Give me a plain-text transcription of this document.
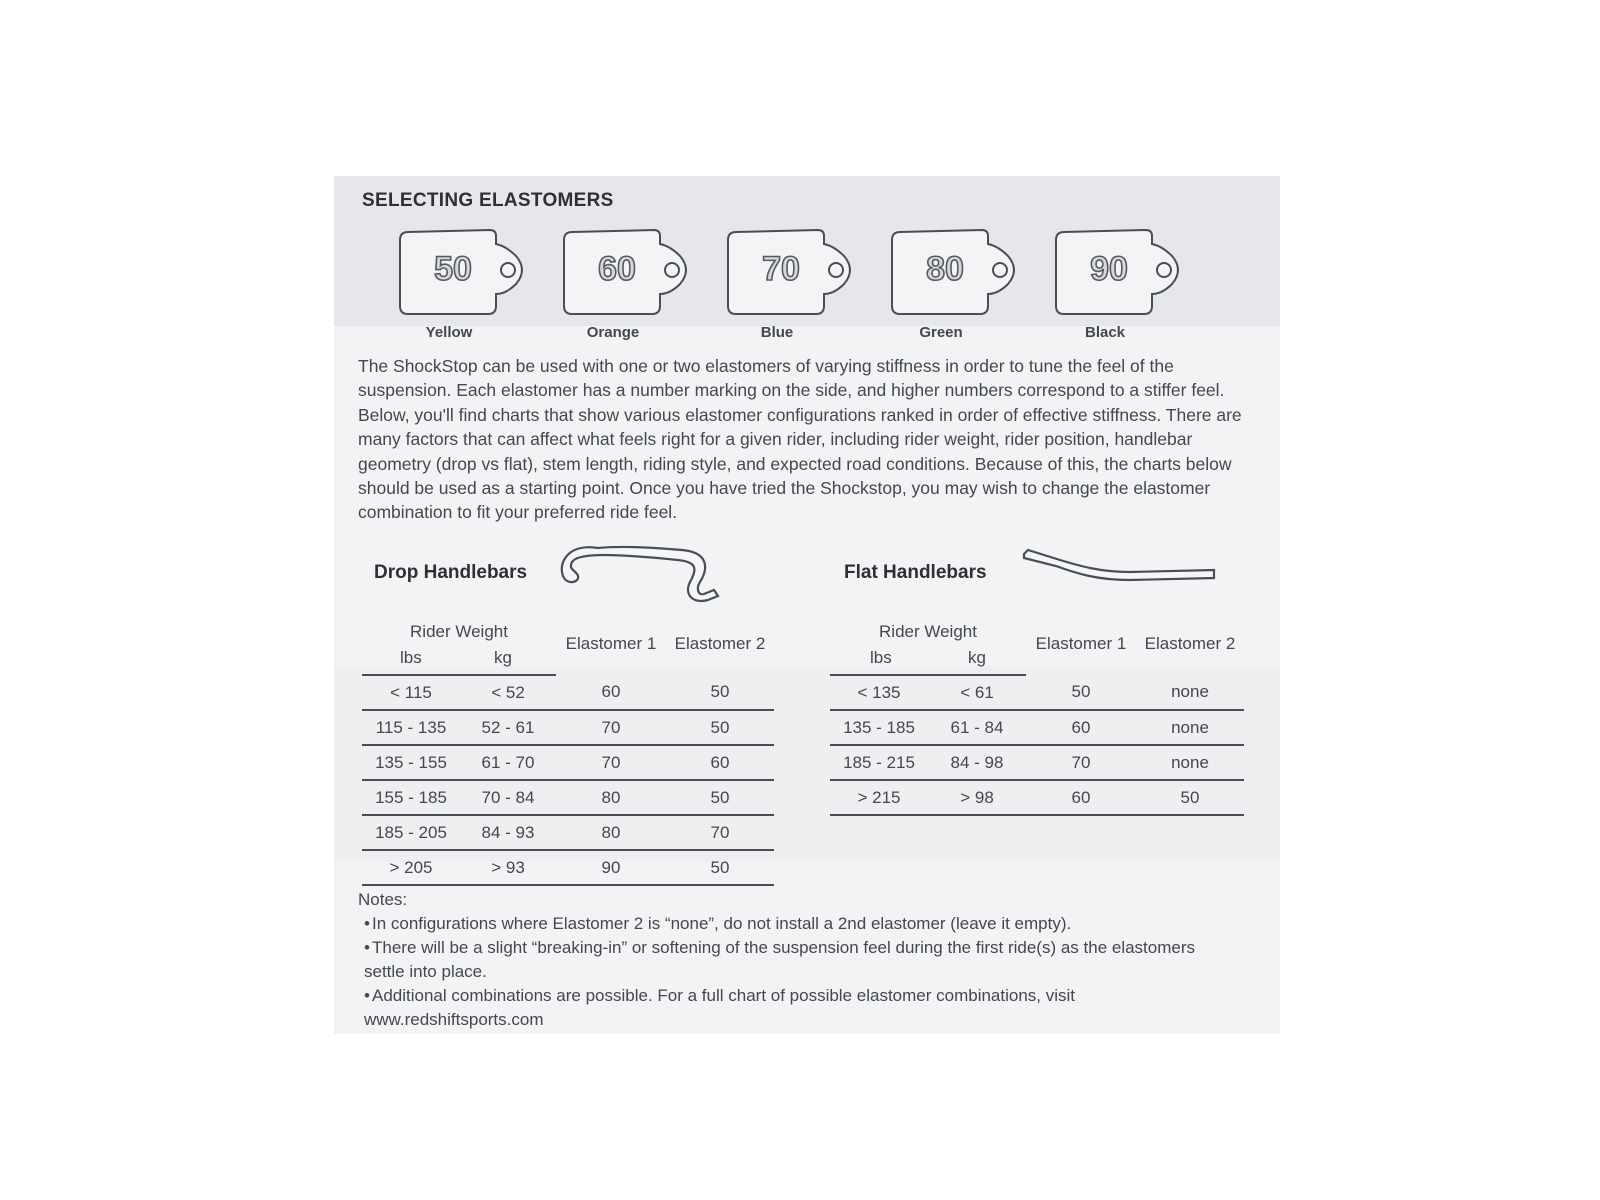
SELECTING ELASTOMERS
50
Yellow
60
Orange
70
Blue
80
Green
90
Black
The ShockStop can be used with one or two elastomers of varying stiffness in order to tune the feel of the suspension. Each elastomer has a number marking on the side, and higher numbers correspond to a stiffer feel. Below, you'll find charts that show various elastomer configurations ranked in order of effective stiffness. There are many factors that can affect what feels right for a given rider, including rider weight, rider position, handlebar geometry (drop vs flat), stem length, riding style, and expected road conditions. Because of this, the charts below should be used as a starting point. Once you have tried the Shockstop, you may wish to change the elastomer combination to fit your preferred ride feel.
Drop Handlebars
Rider Weight		Elastomer 1	Elastomer 2
lbs	kg		
< 115	< 52	60	50
115 - 135	52 - 61	70	50
135 - 155	61 - 70	70	60
155 - 185	70 - 84	80	50
185 - 205	84 - 93	80	70
> 205	> 93	90	50
Flat Handlebars
Rider Weight		Elastomer 1	Elastomer 2
lbs	kg		
< 135	< 61	50	none
135 - 185	61 - 84	60	none
185 - 215	84 - 98	70	none
> 215	> 98	60	50
Notes:
• In configurations where Elastomer 2 is “none”, do not install a 2nd elastomer (leave it empty).
• There will be a slight “breaking-in” or softening of the suspension feel during the first ride(s) as the elastomers settle into place.
• Additional combinations are possible. For a full chart of possible elastomer combinations, visit www.redshiftsports.com
